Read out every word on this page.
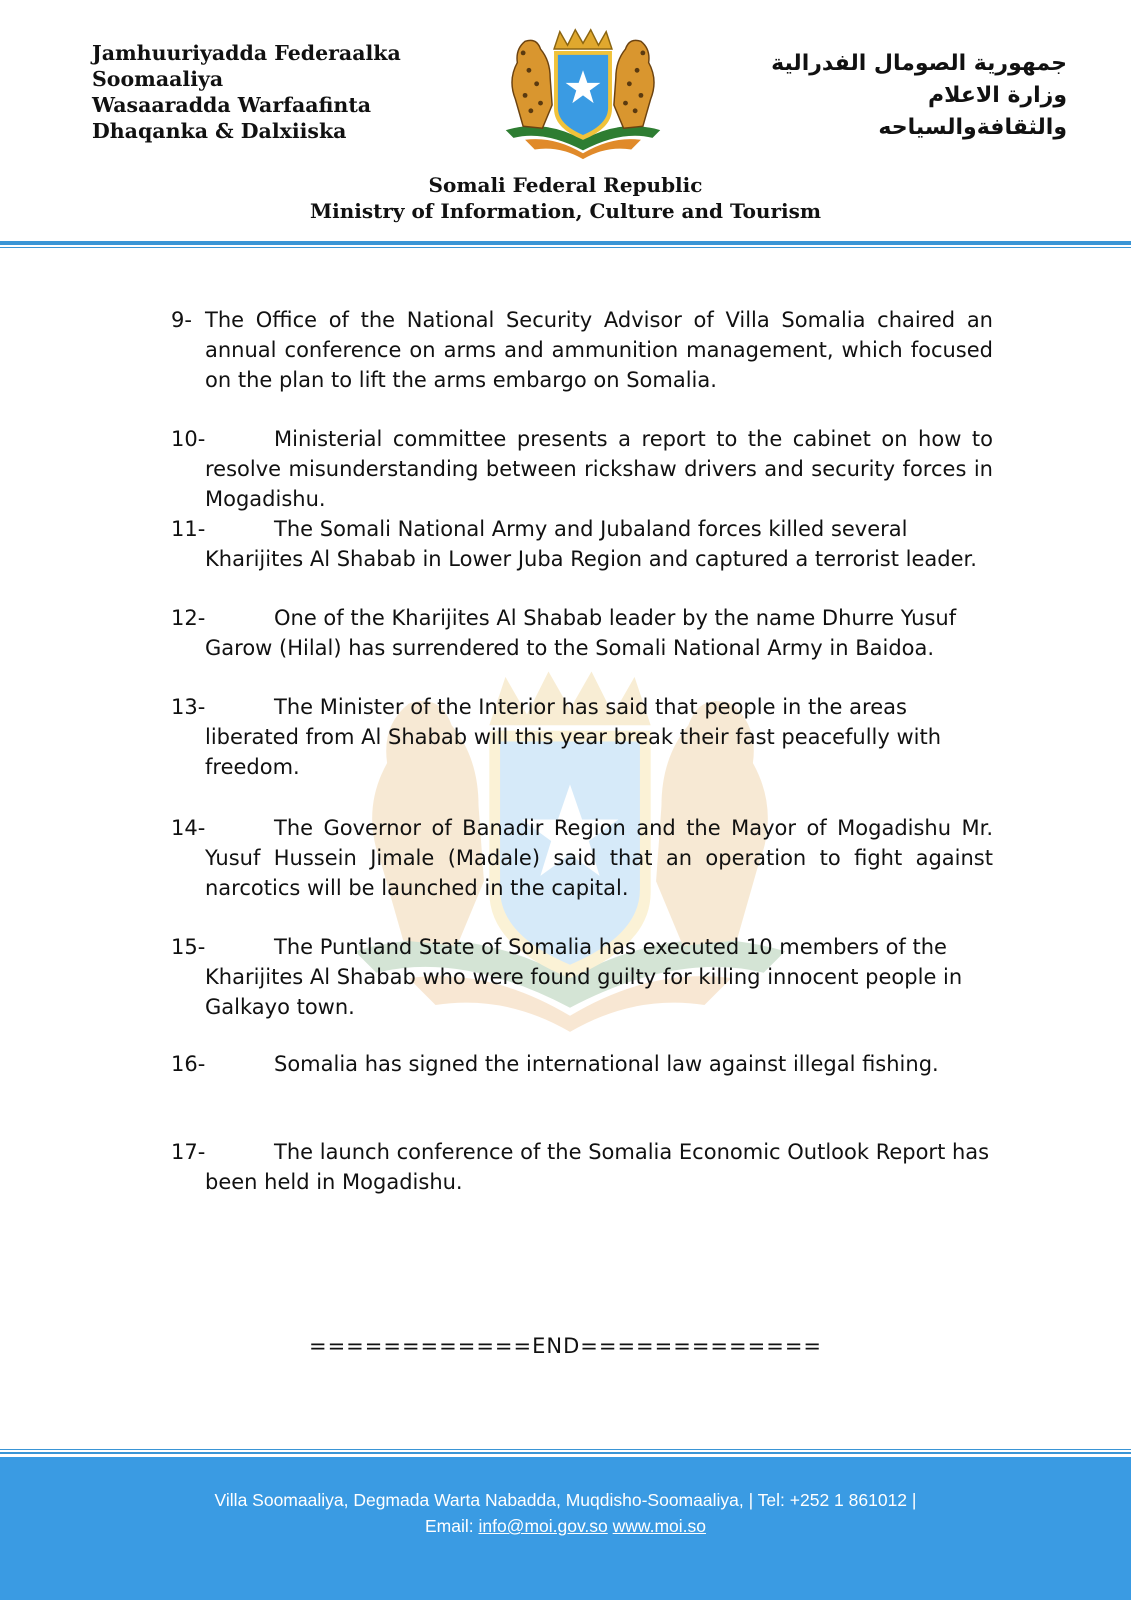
Jamhuuriyadda Federaalka
Soomaaliya
Wasaaradda Warfaafinta
Dhaqanka & Dalxiiska
جمهورية الصومال الفدرالية
وزارة الاعلام
والثقافةوالسياحه
Somali Federal Republic
Ministry of Information, Culture and Tourism
9- The Office of the National Security Advisor of Villa Somalia chaired an annual conference on arms and ammunition management, which focused on the plan to lift the arms embargo on Somalia.

10-	Ministerial committee presents a report to the cabinet on how to resolve misunderstanding between rickshaw drivers and security forces in Mogadishu.

11-	The Somali National Army and Jubaland forces killed several Kharijites Al Shabab in Lower Juba Region and captured a terrorist leader.

12-	One of the Kharijites Al Shabab leader by the name Dhurre Yusuf Garow (Hilal) has surrendered to the Somali National Army in Baidoa.

13-	The Minister of the Interior has said that people in the areas liberated from Al Shabab will this year break their fast peacefully with freedom.

14-	The Governor of Banadir Region and the Mayor of Mogadishu Mr. Yusuf Hussein Jimale (Madale) said that an operation to fight against narcotics will be launched in the capital.

15-	The Puntland State of Somalia has executed 10 members of the Kharijites Al Shabab who were found guilty for killing innocent people in Galkayo town.

16-	Somalia has signed the international law against illegal fishing.

17-	The launch conference of the Somalia Economic Outlook Report has been held in Mogadishu.

============END=============
Villa Soomaaliya, Degmada Warta Nabadda, Muqdisho-Soomaaliya, | Tel: +252 1 861012 |
Email: info@moi.gov.so www.moi.so
